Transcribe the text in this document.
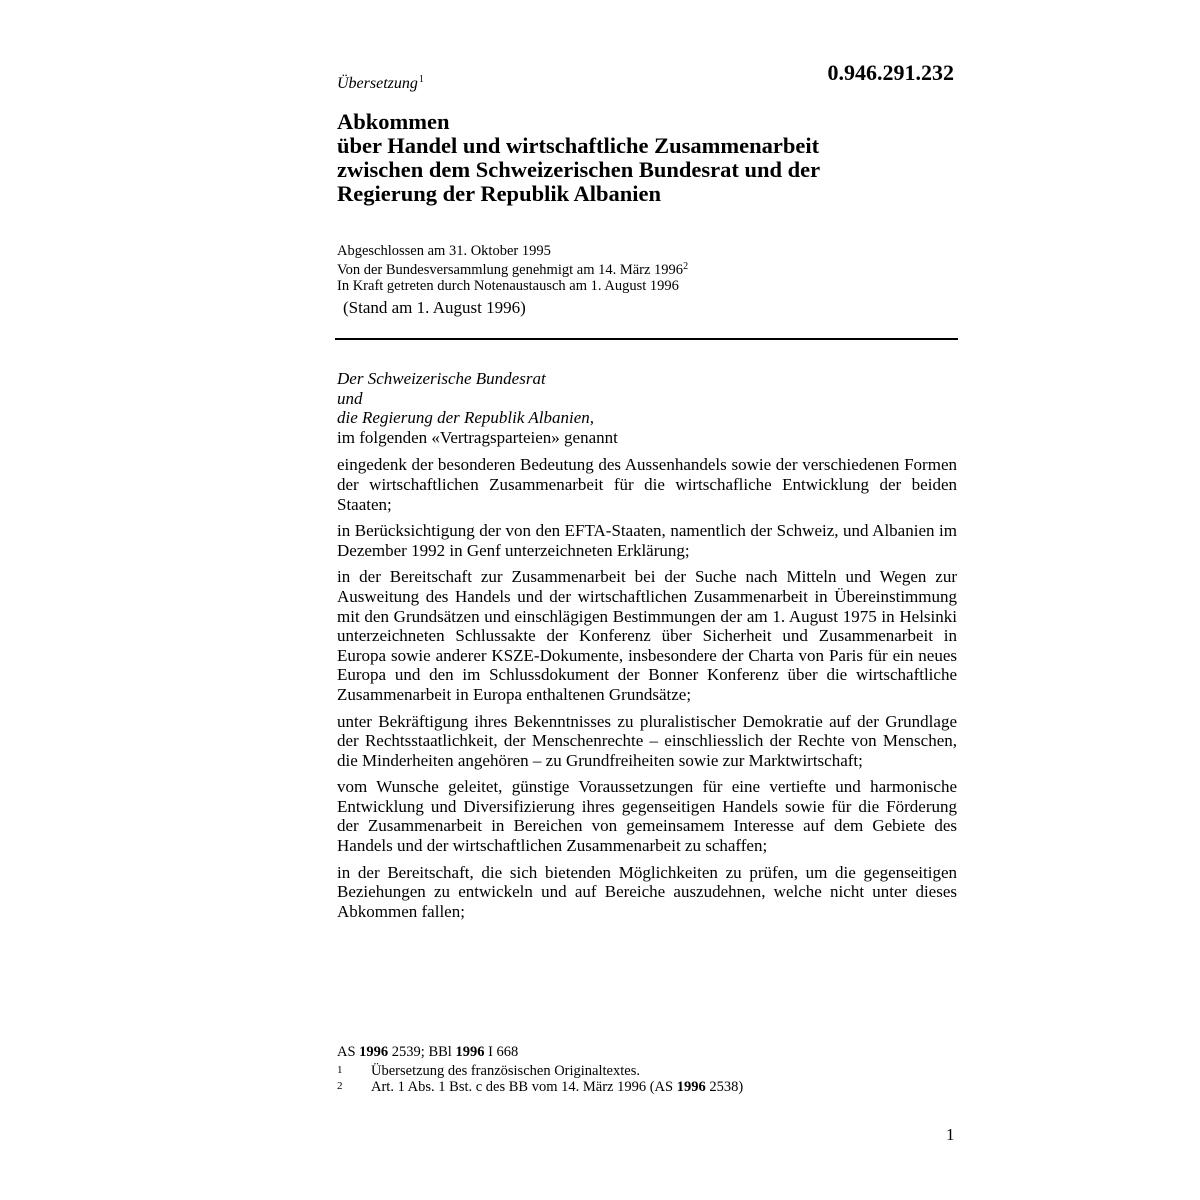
Übersetzung$^1$	0.946.291.232
Abkommen
über Handel und wirtschaftliche Zusammenarbeit
zwischen dem Schweizerischen Bundesrat und der
Regierung der Republik Albanien
Abgeschlossen am 31. Oktober 1995
Von der Bundesversammlung genehmigt am 14. März 1996$^2$
In Kraft getreten durch Notenaustausch am 1. August 1996
(Stand am 1. August 1996)
Der Schweizerische Bundesrat
und
die Regierung der Republik Albanien,
im folgenden «Vertragsparteien» genannt
eingedenk der besonderen Bedeutung des Aussenhandels sowie der verschiedenen Formen der wirtschaftlichen Zusammenarbeit für die wirtschafliche Entwicklung der beiden Staaten;
in Berücksichtigung der von den EFTA-Staaten, namentlich der Schweiz, und Albanien im Dezember 1992 in Genf unterzeichneten Erklärung;
in der Bereitschaft zur Zusammenarbeit bei der Suche nach Mitteln und Wegen zur Ausweitung des Handels und der wirtschaftlichen Zusammenarbeit in Übereinstimmung mit den Grundsätzen und einschlägigen Bestimmungen der am 1. August 1975 in Helsinki unterzeichneten Schlussakte der Konferenz über Sicherheit und Zusammenarbeit in Europa sowie anderer KSZE-Dokumente, insbesondere der Charta von Paris für ein neues Europa und den im Schlussdokument der Bonner Konferenz über die wirtschaftliche Zusammenarbeit in Europa enthaltenen Grundsätze;
unter Bekräftigung ihres Bekenntnisses zu pluralistischer Demokratie auf der Grundlage der Rechtsstaatlichkeit, der Menschenrechte – einschliesslich der Rechte von Menschen, die Minderheiten angehören – zu Grundfreiheiten sowie zur Marktwirtschaft;
vom Wunsche geleitet, günstige Voraussetzungen für eine vertiefte und harmonische Entwicklung und Diversifizierung ihres gegenseitigen Handels sowie für die Förderung der Zusammenarbeit in Bereichen von gemeinsamem Interesse auf dem Gebiete des Handels und der wirtschaftlichen Zusammenarbeit zu schaffen;
in der Bereitschaft, die sich bietenden Möglichkeiten zu prüfen, um die gegenseitigen Beziehungen zu entwickeln und auf Bereiche auszudehnen, welche nicht unter dieses Abkommen fallen;
AS 1996 2539; BBl 1996 I 668
1	Übersetzung des französischen Originaltextes.
2	Art. 1 Abs. 1 Bst. c des BB vom 14. März 1996 (AS 1996 2538)
1
